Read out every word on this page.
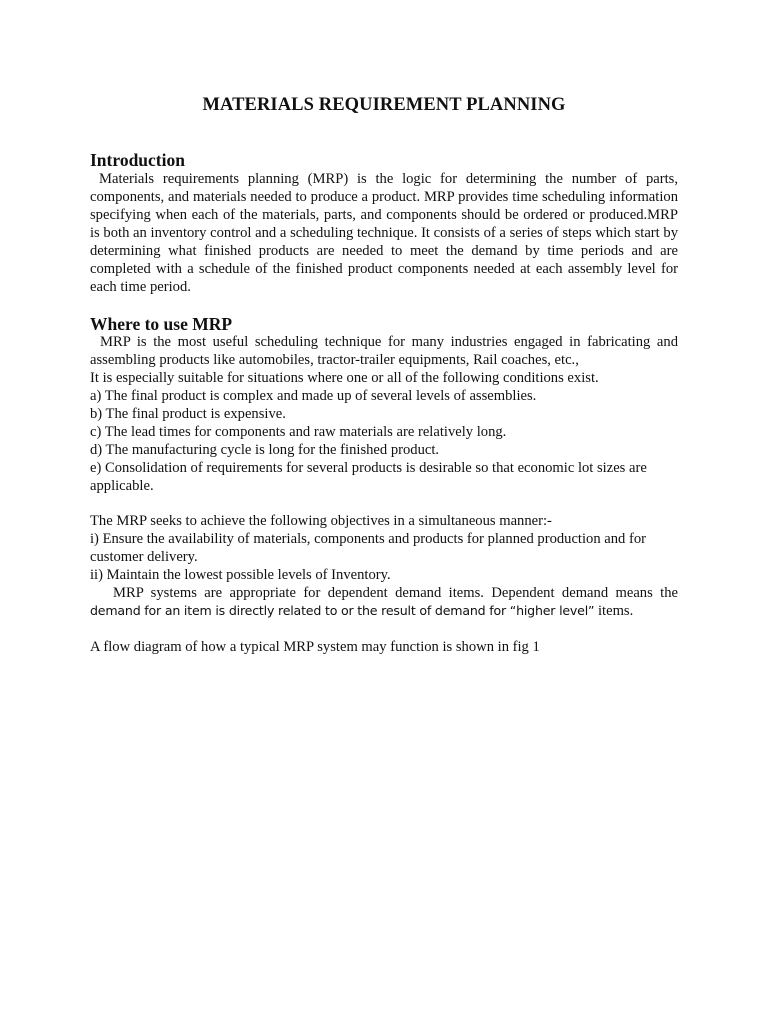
MATERIALS REQUIREMENT PLANNING
Introduction
Materials requirements planning (MRP) is the logic for determining the number of parts, components, and materials needed to produce a product. MRP provides time scheduling information specifying when each of the materials, parts, and components should be ordered or produced.MRP is both an inventory control and a scheduling technique. It consists of a series of steps which start by determining what finished products are needed to meet the demand by time periods and are completed with a schedule of the finished product components needed at each assembly level for each time period.
Where to use MRP
MRP is the most useful scheduling technique for many industries engaged in fabricating and assembling products like automobiles, tractor-trailer equipments, Rail coaches, etc.,
It is especially suitable for situations where one or all of the following conditions exist.
a) The final product is complex and made up of several levels of assemblies.
b) The final product is expensive.
c) The lead times for components and raw materials are relatively long.
d) The manufacturing cycle is long for the finished product.
e) Consolidation of requirements for several products is desirable so that economic lot sizes are applicable.
The MRP seeks to achieve the following objectives in a simultaneous manner:-
i) Ensure the availability of materials, components and products for planned production and for customer delivery.
ii) Maintain the lowest possible levels of Inventory.
MRP systems are appropriate for dependent demand items. Dependent demand means the
demand for an item is directly related to or the result of demand for “higher level” items.
A flow diagram of how a typical MRP system may function is shown in fig 1
